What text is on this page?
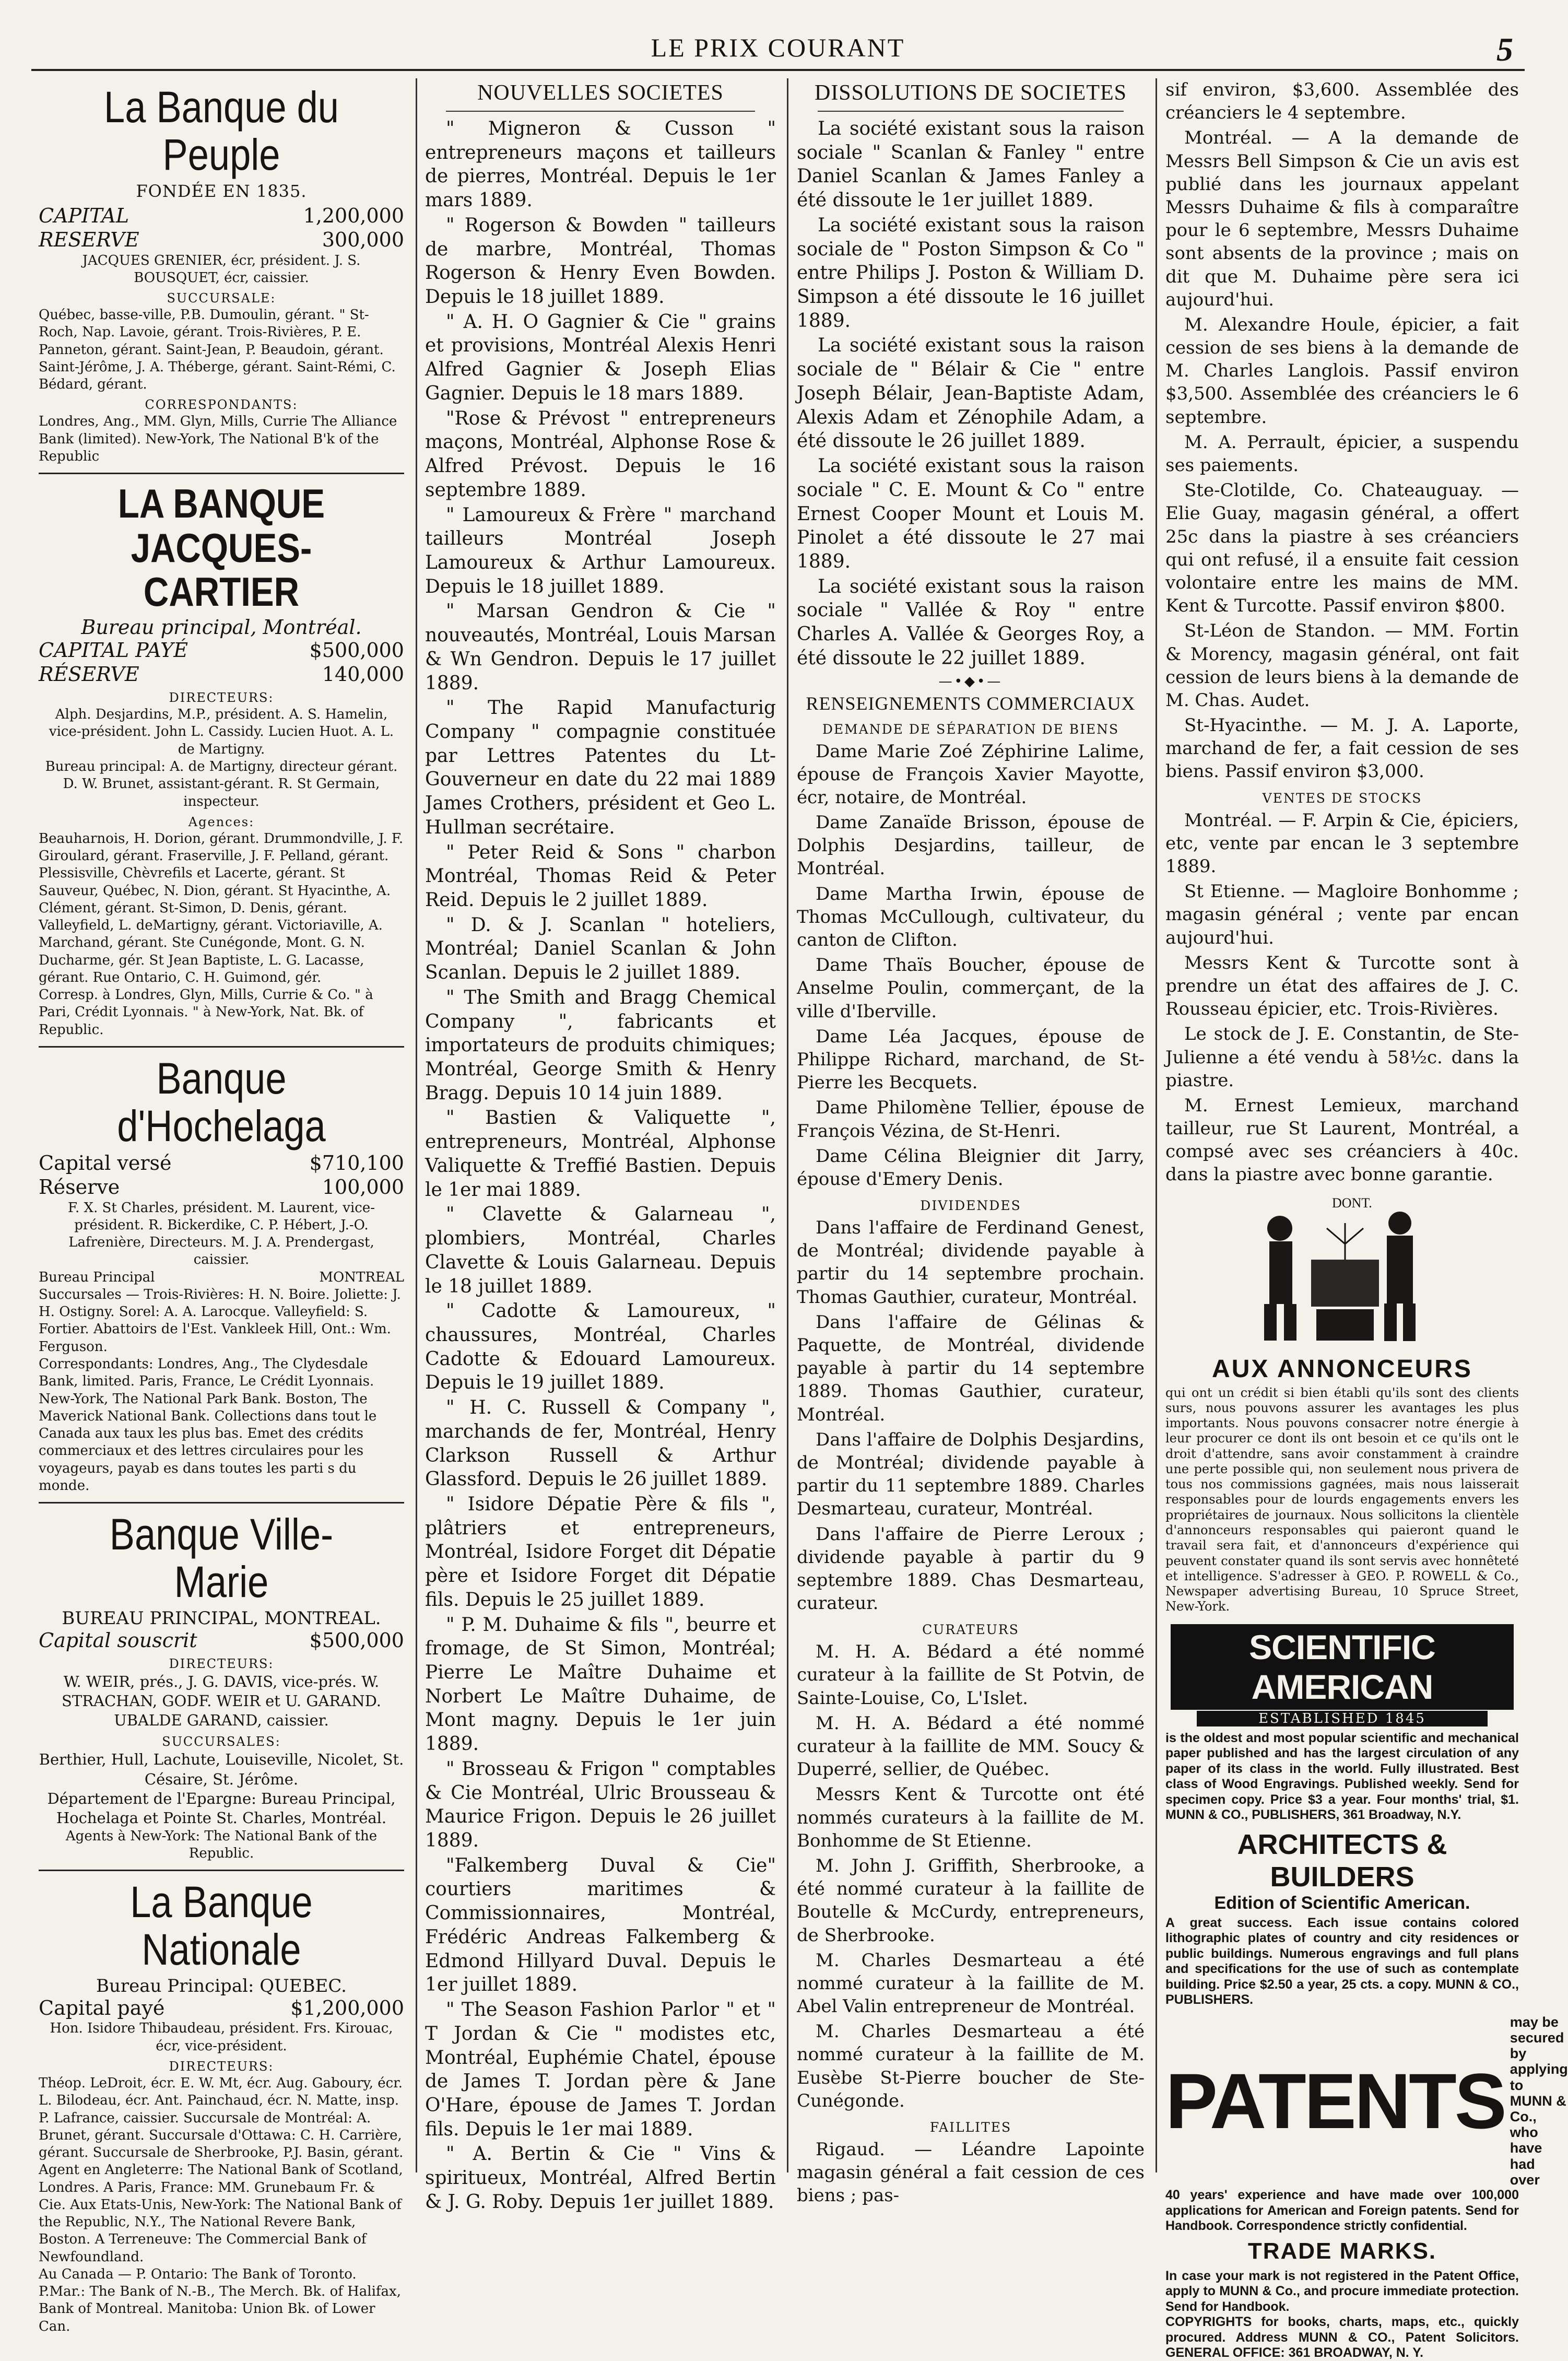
LE PRIX COURANT	5
La Banque du Peuple
FONDÉE EN 1835.
CAPITAL	1,200,000
RESERVE	300,000
JACQUES GRENIER, écr, président. J. S. BOUSQUET, écr, caissier.
SUCCURSALE:
Québec, basse-ville, P.B. Dumoulin, gérant. " St-Roch, Nap. Lavoie, gérant. Trois-Rivières, P. E. Panneton, gérant. Saint-Jean, P. Beaudoin, gérant. Saint-Jérôme, J. A. Théberge, gérant. Saint-Rémi, C. Bédard, gérant.
CORRESPONDANTS:
Londres, Ang., MM. Glyn, Mills, Currie The Alliance Bank (limited). New-York, The National B'k of the Republic
LA BANQUE JACQUES-CARTIER
Bureau principal, Montréal.
CAPITAL PAYÉ	$500,000
RÉSERVE	140,000
DIRECTEURS:
Alph. Desjardins, M.P., président. A. S. Hamelin, vice-président. John L. Cassidy. Lucien Huot. A. L. de Martigny.
Bureau principal: A. de Martigny, directeur gérant. D. W. Brunet, assistant-gérant. R. St Germain, inspecteur.
Agences:
Beauharnois, H. Dorion, gérant. Drummondville, J. F. Giroulard, gérant. Fraserville, J. F. Pelland, gérant. Plessisville, Chèvrefils et Lacerte, gérant. St Sauveur, Québec, N. Dion, gérant. St Hyacinthe, A. Clément, gérant. St-Simon, D. Denis, gérant. Valleyfield, L. deMartigny, gérant. Victoriaville, A. Marchand, gérant. Ste Cunégonde, Mont. G. N. Ducharme, gér. St Jean Baptiste, L. G. Lacasse, gérant. Rue Ontario, C. H. Guimond, gér.
Corresp. à Londres, Glyn, Mills, Currie & Co. " à Pari, Crédit Lyonnais. " à New-York, Nat. Bk. of Republic.
Banque d'Hochelaga
Capital versé	$710,100
Réserve	100,000
F. X. St Charles, président. M. Laurent, vice-président. R. Bickerdike, C. P. Hébert, J.-O. Lafrenière, Directeurs. M. J. A. Prendergast, caissier.
Bureau Principal	MONTREAL
Succursales — Trois-Rivières: H. N. Boire. Joliette: J. H. Ostigny. Sorel: A. A. Larocque. Valleyfield: S. Fortier. Abattoirs de l'Est. Vankleek Hill, Ont.: Wm. Ferguson.
Correspondants: Londres, Ang., The Clydesdale Bank, limited. Paris, France, Le Crédit Lyonnais. New-York, The National Park Bank. Boston, The Maverick National Bank. Collections dans tout le Canada aux taux les plus bas. Emet des crédits commerciaux et des lettres circulaires pour les voyageurs, payab es dans toutes les parti s du monde.
Banque Ville-Marie
BUREAU PRINCIPAL, MONTREAL.
Capital souscrit	$500,000
DIRECTEURS:
W. WEIR, prés., J. G. DAVIS, vice-prés. W. STRACHAN, GODF. WEIR et U. GARAND. UBALDE GARAND, caissier.
SUCCURSALES:
Berthier, Hull, Lachute, Louiseville, Nicolet, St. Césaire, St. Jérôme.
Département de l'Epargne: Bureau Principal, Hochelaga et Pointe St. Charles, Montréal.
Agents à New-York: The National Bank of the Republic.
La Banque Nationale
Bureau Principal: QUEBEC.
Capital payé	$1,200,000
Hon. Isidore Thibaudeau, président. Frs. Kirouac, écr, vice-président.
DIRECTEURS:
Théop. LeDroit, écr. E. W. Mt, écr. Aug. Gaboury, écr. L. Bilodeau, écr. Ant. Painchaud, écr. N. Matte, insp. P. Lafrance, caissier. Succursale de Montréal: A. Brunet, gérant. Succursale d'Ottawa: C. H. Carrière, gérant. Succursale de Sherbrooke, P.J. Basin, gérant.
Agent en Angleterre: The National Bank of Scotland, Londres. A Paris, France: MM. Grunebaum Fr. & Cie. Aux Etats-Unis, New-York: The National Bank of the Republic, N.Y., The National Revere Bank, Boston. A Terreneuve: The Commercial Bank of Newfoundland.
Au Canada — P. Ontario: The Bank of Toronto. P.Mar.: The Bank of N.-B., The Merch. Bk. of Halifax, Bank of Montreal. Manitoba: Union Bk. of Lower Can.
NOUVELLES SOCIETES

" Migneron & Cusson " entrepreneurs maçons et tailleurs de pierres, Montréal. Depuis le 1er mars 1889.

" Rogerson & Bowden " tailleurs de marbre, Montréal, Thomas Rogerson & Henry Even Bowden. Depuis le 18 juillet 1889.

" A. H. O Gagnier & Cie " grains et provisions, Montréal Alexis Henri Alfred Gagnier & Joseph Elias Gagnier. Depuis le 18 mars 1889.

"Rose & Prévost " entrepreneurs maçons, Montréal, Alphonse Rose & Alfred Prévost. Depuis le 16 septembre 1889.

" Lamoureux & Frère " marchand tailleurs Montréal Joseph Lamoureux & Arthur Lamoureux. Depuis le 18 juillet 1889.

" Marsan Gendron & Cie " nouveautés, Montréal, Louis Marsan & Wn Gendron. Depuis le 17 juillet 1889.

" The Rapid Manufacturig Company " compagnie constituée par Lettres Patentes du Lt-Gouverneur en date du 22 mai 1889 James Crothers, président et Geo L. Hullman secrétaire.

" Peter Reid & Sons " charbon Montréal, Thomas Reid & Peter Reid. Depuis le 2 juillet 1889.

" D. & J. Scanlan " hoteliers, Montréal; Daniel Scanlan & John Scanlan. Depuis le 2 juillet 1889.

" The Smith and Bragg Chemical Company ", fabricants et importateurs de produits chimiques; Montréal, George Smith & Henry Bragg. Depuis 10 14 juin 1889.

" Bastien & Valiquette ", entrepreneurs, Montréal, Alphonse Valiquette & Treffié Bastien. Depuis le 1er mai 1889.

" Clavette & Galarneau ", plombiers, Montréal, Charles Clavette & Louis Galarneau. Depuis le 18 juillet 1889.

" Cadotte & Lamoureux, " chaussures, Montréal, Charles Cadotte & Edouard Lamoureux. Depuis le 19 juillet 1889.

" H. C. Russell & Company ", marchands de fer, Montréal, Henry Clarkson Russell & Arthur Glassford. Depuis le 26 juillet 1889.

" Isidore Dépatie Père & fils ", plâtriers et entrepreneurs, Montréal, Isidore Forget dit Dépatie père et Isidore Forget dit Dépatie fils. Depuis le 25 juillet 1889.

" P. M. Duhaime & fils ", beurre et fromage, de St Simon, Montréal; Pierre Le Maître Duhaime et Norbert Le Maître Duhaime, de Mont magny. Depuis le 1er juin 1889.

" Brosseau & Frigon " comptables & Cie Montréal, Ulric Brousseau & Maurice Frigon. Depuis le 26 juillet 1889.

"Falkemberg Duval & Cie" courtiers maritimes & Commissionnaires, Montréal, Frédéric Andreas Falkemberg & Edmond Hillyard Duval. Depuis le 1er juillet 1889.

" The Season Fashion Parlor " et " T Jordan & Cie " modistes etc, Montréal, Euphémie Chatel, épouse de James T. Jordan père & Jane O'Hare, épouse de James T. Jordan fils. Depuis le 1er mai 1889.

" A. Bertin & Cie " Vins & spiritueux, Montréal, Alfred Bertin & J. G. Roby. Depuis 1er juillet 1889.

DISSOLUTIONS DE SOCIETES

La société existant sous la raison sociale " Scanlan & Fanley " entre Daniel Scanlan & James Fanley a été dissoute le 1er juillet 1889.

La société existant sous la raison sociale de " Poston Simpson & Co " entre Philips J. Poston & William D. Simpson a été dissoute le 16 juillet 1889.

La société existant sous la raison sociale de " Bélair & Cie " entre Joseph Bélair, Jean-Baptiste Adam, Alexis Adam et Zénophile Adam, a été dissoute le 26 juillet 1889.

La société existant sous la raison sociale " C. E. Mount & Co " entre Ernest Cooper Mount et Louis M. Pinolet a été dissoute le 27 mai 1889.

La société existant sous la raison sociale " Vallée & Roy " entre Charles A. Vallée & Georges Roy, a été dissoute le 22 juillet 1889.

—•◆•—
RENSEIGNEMENTS COMMERCIAUX
DEMANDE DE SÉPARATION DE BIENS

Dame Marie Zoé Zéphirine Lalime, épouse de François Xavier Mayotte, écr, notaire, de Montréal.

Dame Zanaïde Brisson, épouse de Dolphis Desjardins, tailleur, de Montréal.

Dame Martha Irwin, épouse de Thomas McCullough, cultivateur, du canton de Clifton.

Dame Thaïs Boucher, épouse de Anselme Poulin, commerçant, de la ville d'Iberville.

Dame Léa Jacques, épouse de Philippe Richard, marchand, de St-Pierre les Becquets.

Dame Philomène Tellier, épouse de François Vézina, de St-Henri.

Dame Célina Bleignier dit Jarry, épouse d'Emery Denis.

DIVIDENDES

Dans l'affaire de Ferdinand Genest, de Montréal; dividende payable à partir du 14 septembre prochain. Thomas Gauthier, curateur, Montréal.

Dans l'affaire de Gélinas & Paquette, de Montréal, dividende payable à partir du 14 septembre 1889. Thomas Gauthier, curateur, Montréal.

Dans l'affaire de Dolphis Desjardins, de Montréal; dividende payable à partir du 11 septembre 1889. Charles Desmarteau, curateur, Montréal.

Dans l'affaire de Pierre Leroux ; dividende payable à partir du 9 septembre 1889. Chas Desmarteau, curateur.

CURATEURS

M. H. A. Bédard a été nommé curateur à la faillite de St Potvin, de Sainte-Louise, Co, L'Islet.

M. H. A. Bédard a été nommé curateur à la faillite de MM. Soucy & Duperré, sellier, de Québec.

Messrs Kent & Turcotte ont été nommés curateurs à la faillite de M. Bonhomme de St Etienne.

M. John J. Griffith, Sherbrooke, a été nommé curateur à la faillite de Boutelle & McCurdy, entrepreneurs, de Sherbrooke.

M. Charles Desmarteau a été nommé curateur à la faillite de M. Abel Valin entrepreneur de Montréal.

M. Charles Desmarteau a été nommé curateur à la faillite de M. Eusèbe St-Pierre boucher de Ste-Cunégonde.

FAILLITES

Rigaud. — Léandre Lapointe magasin général a fait cession de ces biens ; pas-

sif environ, $3,600. Assemblée des créanciers le 4 septembre.

Montréal. — A la demande de Messrs Bell Simpson & Cie un avis est publié dans les journaux appelant Messrs Duhaime & fils à comparaître pour le 6 septembre, Messrs Duhaime sont absents de la province ; mais on dit que M. Duhaime père sera ici aujourd'hui.

M. Alexandre Houle, épicier, a fait cession de ses biens à la demande de M. Charles Langlois. Passif environ $3,500. Assemblée des créanciers le 6 septembre.

M. A. Perrault, épicier, a suspendu ses paiements.

Ste-Clotilde, Co. Chateauguay. — Elie Guay, magasin général, a offert 25c dans la piastre à ses créanciers qui ont refusé, il a ensuite fait cession volontaire entre les mains de MM. Kent & Turcotte. Passif environ $800.

St-Léon de Standon. — MM. Fortin & Morency, magasin général, ont fait cession de leurs biens à la demande de M. Chas. Audet.

St-Hyacinthe. — M. J. A. Laporte, marchand de fer, a fait cession de ses biens. Passif environ $3,000.

VENTES DE STOCKS

Montréal. — F. Arpin & Cie, épiciers, etc, vente par encan le 3 septembre 1889.

St Etienne. — Magloire Bonhomme ; magasin général ; vente par encan aujourd'hui.

Messrs Kent & Turcotte sont à prendre un état des affaires de J. C. Rousseau épicier, etc. Trois-Rivières.

Le stock de J. E. Constantin, de Ste-Julienne a été vendu à 58½c. dans la piastre.

M. Ernest Lemieux, marchand tailleur, rue St Laurent, Montréal, a compsé avec ses créanciers à 40c. dans la piastre avec bonne garantie.

DONT.
AUX ANNONCEURS
qui ont un crédit si bien établi qu'ils sont des clients surs, nous pouvons assurer les avantages les plus importants. Nous pouvons consacrer notre énergie à leur procurer ce dont ils ont besoin et ce qu'ils ont le droit d'attendre, sans avoir constamment à craindre une perte possible qui, non seulement nous privera de tous nos commissions gagnées, mais nous laisserait responsables pour de lourds engagements envers les propriétaires de journaux. Nous sollicitons la clientèle d'annonceurs responsables qui paieront quand le travail sera fait, et d'annonceurs d'expérience qui peuvent constater quand ils sont servis avec honnêteté et intelligence. S'adresser à GEO. P. ROWELL & Co., Newspaper advertising Bureau, 10 Spruce Street, New-York.
SCIENTIFIC AMERICAN
ESTABLISHED 1845
is the oldest and most popular scientific and mechanical paper published and has the largest circulation of any paper of its class in the world. Fully illustrated. Best class of Wood Engravings. Published weekly. Send for specimen copy. Price $3 a year. Four months' trial, $1. MUNN & CO., PUBLISHERS, 361 Broadway, N.Y.
ARCHITECTS & BUILDERS
Edition of Scientific American.
A great success. Each issue contains colored lithographic plates of country and city residences or public buildings. Numerous engravings and full plans and specifications for the use of such as contemplate building. Price $2.50 a year, 25 cts. a copy. MUNN & CO., PUBLISHERS.
PATENTS
may be secured by applying to MUNN & Co., who have had over
40 years' experience and have made over 100,000 applications for American and Foreign patents. Send for Handbook. Correspondence strictly confidential.
TRADE MARKS.
In case your mark is not registered in the Patent Office, apply to MUNN & Co., and procure immediate protection. Send for Handbook.
COPYRIGHTS for books, charts, maps, etc., quickly procured. Address MUNN & CO., Patent Solicitors. GENERAL OFFICE: 361 BROADWAY, N. Y.
